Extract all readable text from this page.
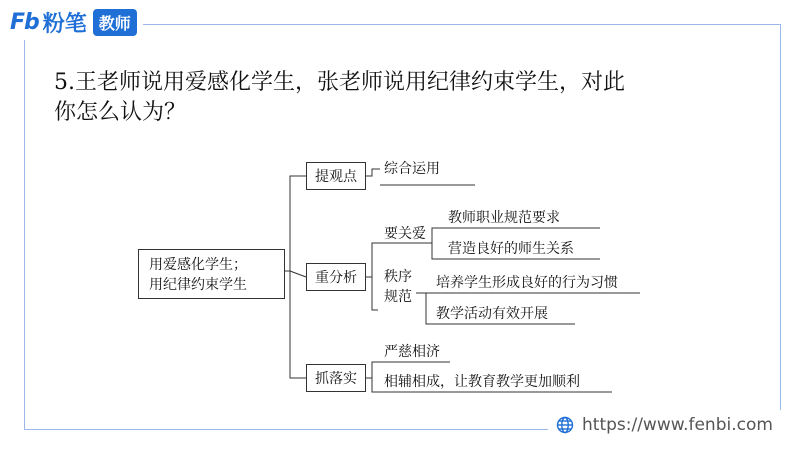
Fb 粉笔 教师
5.王老师说用爱感化学生，张老师说用纪律约束学生，对此
你怎么认为？
用爱感化学生；
用纪律约束学生
提观点
重分析
抓落实
综合运用
要关爱
教师职业规范要求
营造良好的师生关系
秩序
规范
培养学生形成良好的行为习惯
教学活动有效开展
严慈相济
相辅相成，让教育教学更加顺利
https://www.fenbi.com
